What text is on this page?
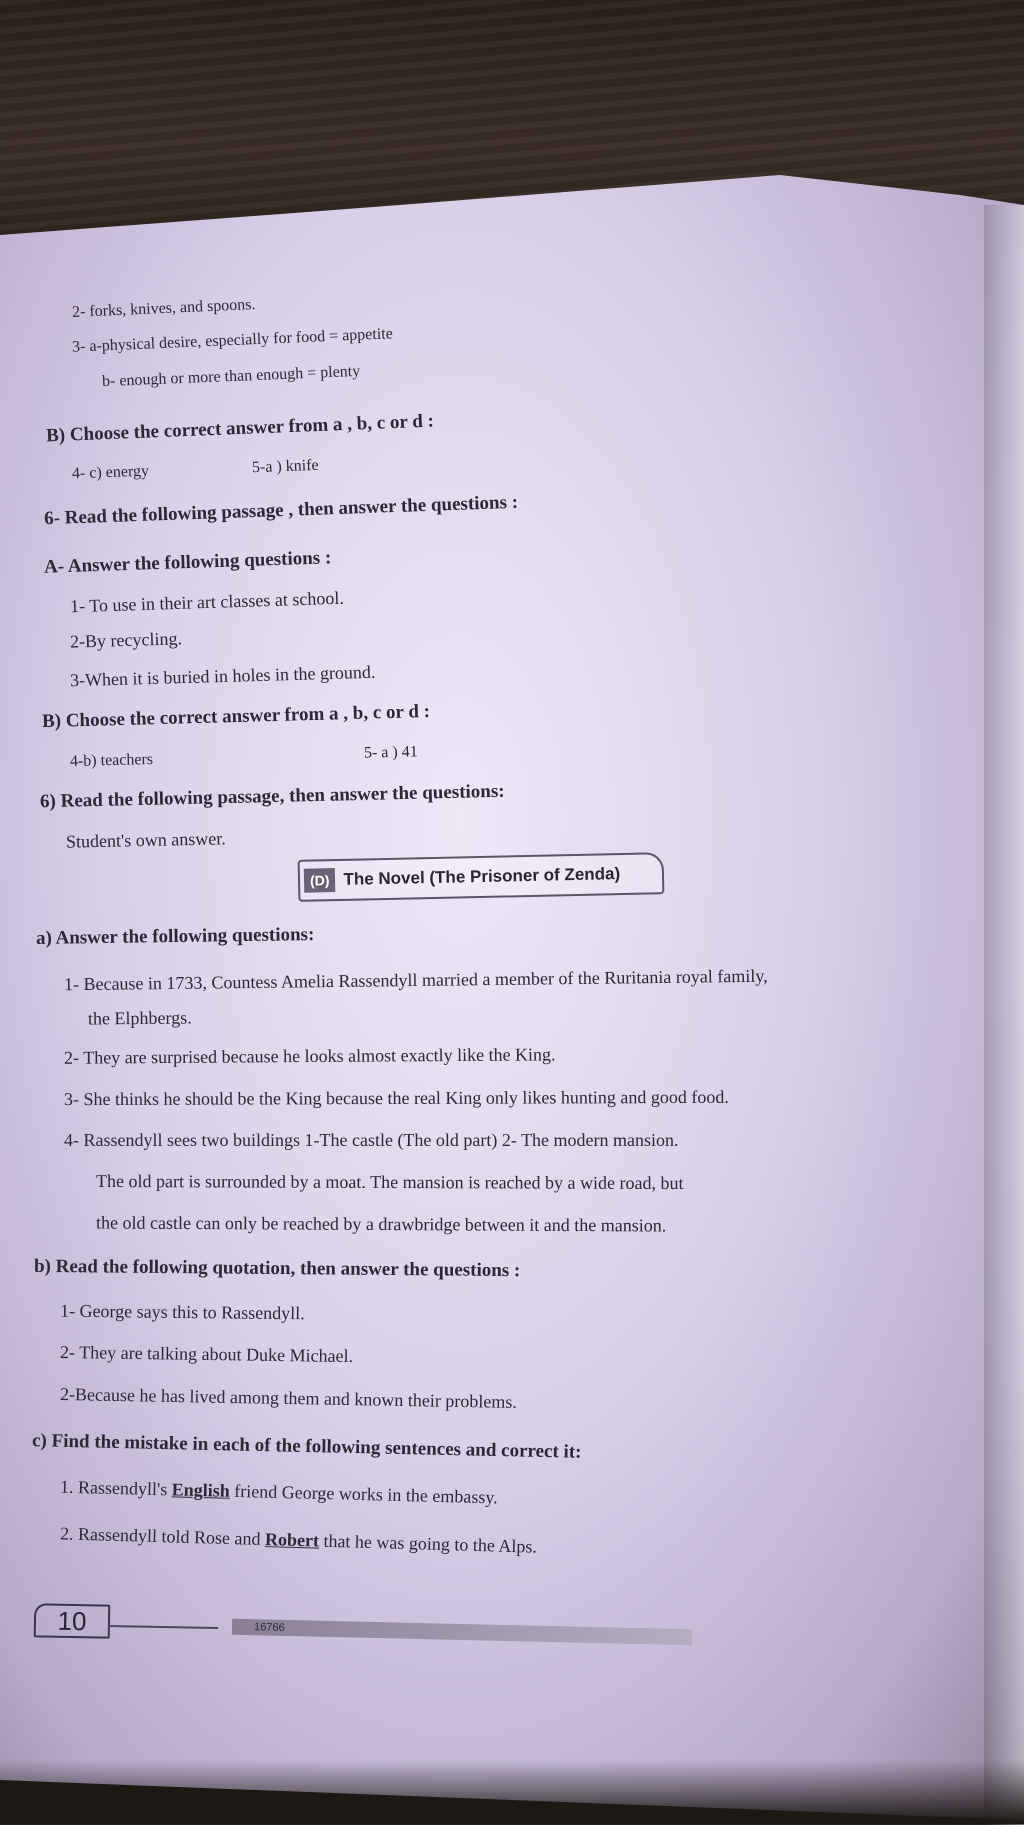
2- forks, knives, and spoons.
3- a-physical desire, especially for food = appetite
b- enough or more than enough = plenty
B) Choose the correct answer from a , b, c or d :
4- c) energy	5-a ) knife
6- Read the following passage , then answer the questions :
A- Answer the following questions :
1- To use in their art classes at school.
2-By recycling.
3-When it is buried in holes in the ground.
B) Choose the correct answer from a , b, c or d :
4-b) teachers	5- a ) 41
6) Read the following passage, then answer the questions:
Student's own answer.
(D) The Novel (The Prisoner of Zenda)
a) Answer the following questions:
1- Because in 1733, Countess Amelia Rassendyll married a member of the Ruritania royal family,
the Elphbergs.
2- They are surprised because he looks almost exactly like the King.
3- She thinks he should be the King because the real King only likes hunting and good food.
4- Rassendyll sees two buildings 1-The castle (The old part) 2- The modern mansion.
The old part is surrounded by a moat. The mansion is reached by a wide road, but
the old castle can only be reached by a drawbridge between it and the mansion.
b) Read the following quotation, then answer the questions :
1- George says this to Rassendyll.
2- They are talking about Duke Michael.
2-Because he has lived among them and known their problems.
c) Find the mistake in each of the following sentences and correct it:
1. Rassendyll's English friend George works in the embassy.
2. Rassendyll told Rose and Robert that he was going to the Alps.
10	16766
